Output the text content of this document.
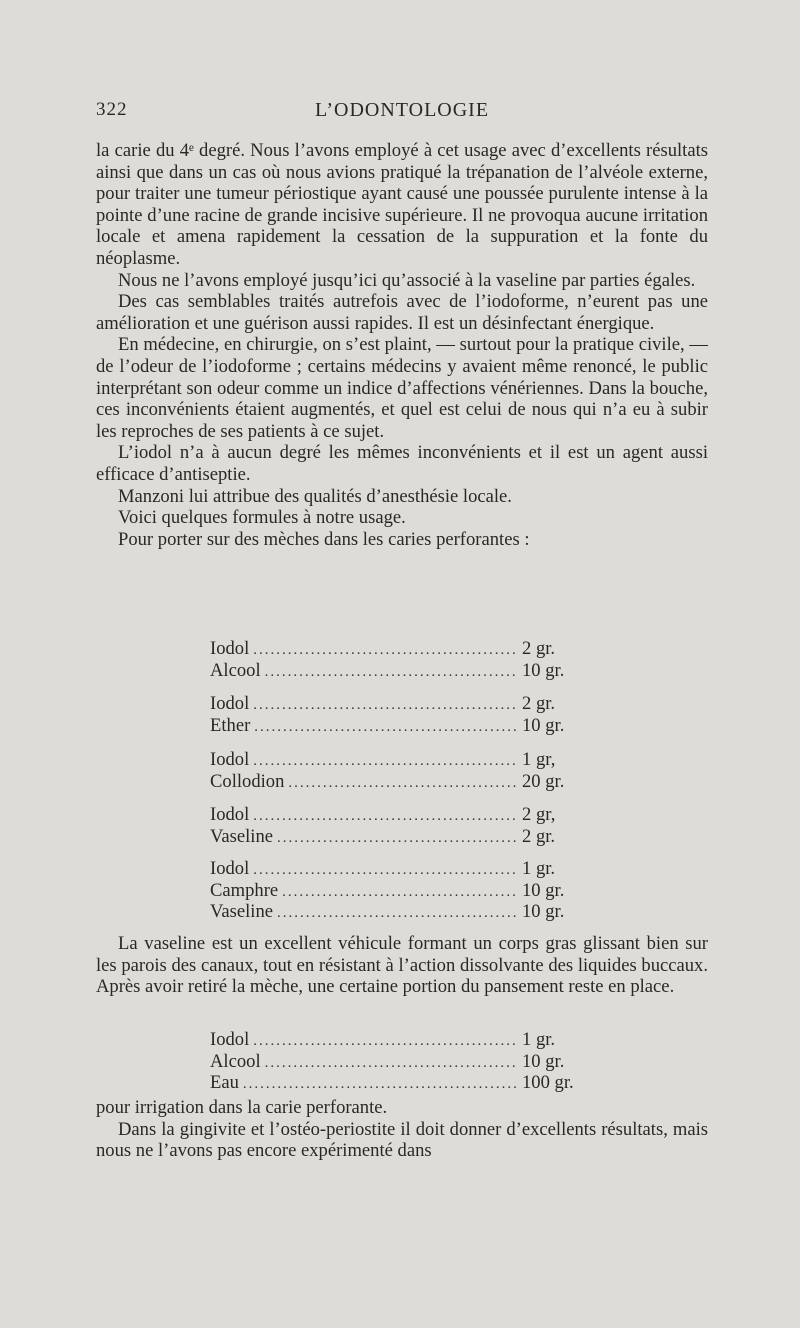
322	L’ODONTOLOGIE

la carie du 4ᵉ degré. Nous l’avons employé à cet usage avec d’excellents résultats ainsi que dans un cas où nous avions pratiqué la trépanation de l’alvéole externe, pour traiter une tumeur périostique ayant causé une poussée purulente intense à la pointe d’une racine de grande incisive supérieure. Il ne provoqua aucune irritation locale et amena rapidement la cessation de la suppuration et la fonte du néoplasme.

Nous ne l’avons employé jusqu’ici qu’associé à la vaseline par parties égales.

Des cas semblables traités autrefois avec de l’iodoforme, n’eurent pas une amélioration et une guérison aussi rapides. Il est un désinfectant énergique.

En médecine, en chirurgie, on s’est plaint, — surtout pour la pratique civile, — de l’odeur de l’iodoforme ; certains médecins y avaient même renoncé, le public interprétant son odeur comme un indice d’affections vénériennes. Dans la bouche, ces inconvénients étaient augmentés, et quel est celui de nous qui n’a eu à subir les reproches de ses patients à ce sujet.

L’iodol n’a à aucun degré les mêmes inconvénients et il est un agent aussi efficace d’antiseptie.

Manzoni lui attribue des qualités d’anesthésie locale.

Voici quelques formules à notre usage.

Pour porter sur des mèches dans les caries perforantes :

Iodol .....	2 gr.
Alcool .....	10 gr.
Iodol .....	2 gr.
Ether .....	10 gr.
Iodol .....	1 gr,
Collodion .....	20 gr.
Iodol .....	2 gr,
Vaseline .....	2 gr.
Iodol .....	1 gr.
Camphre .....	10 gr.
Vaseline .....	10 gr.

La vaseline est un excellent véhicule formant un corps gras glissant bien sur les parois des canaux, tout en résistant à l’action dissolvante des liquides buccaux. Après avoir retiré la mèche, une certaine portion du pansement reste en place.

Iodol .....	1 gr.
Alcool .....	10 gr.
Eau .....	100 gr.

pour irrigation dans la carie perforante.

Dans la gingivite et l’ostéo-periostite il doit donner d’excellents résultats, mais nous ne l’avons pas encore expérimenté dans
